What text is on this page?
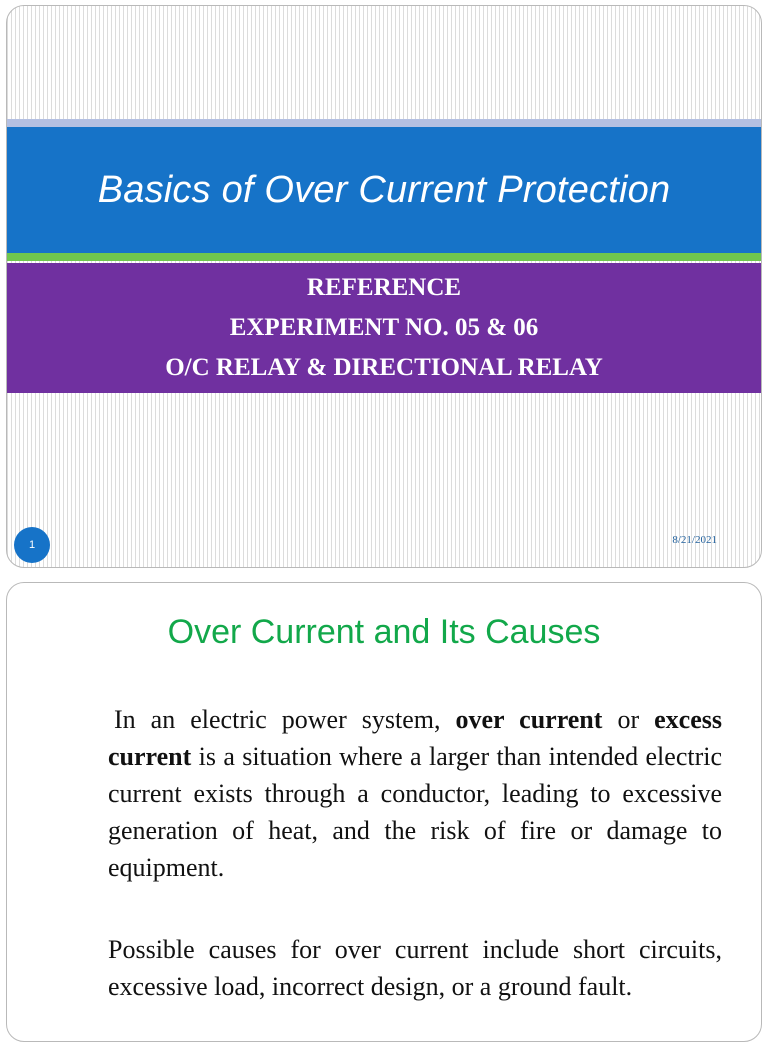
Basics of Over Current Protection
REFERENCE
EXPERIMENT NO. 05 & 06
O/C RELAY & DIRECTIONAL RELAY
1	8/21/2021
Over Current and Its Causes

In an electric power system, over current or excess current is a situation where a larger than intended electric current exists through a conductor, leading to excessive generation of heat, and the risk of fire or damage to equipment.

Possible causes for over current include short circuits, excessive load, incorrect design, or a ground fault.
